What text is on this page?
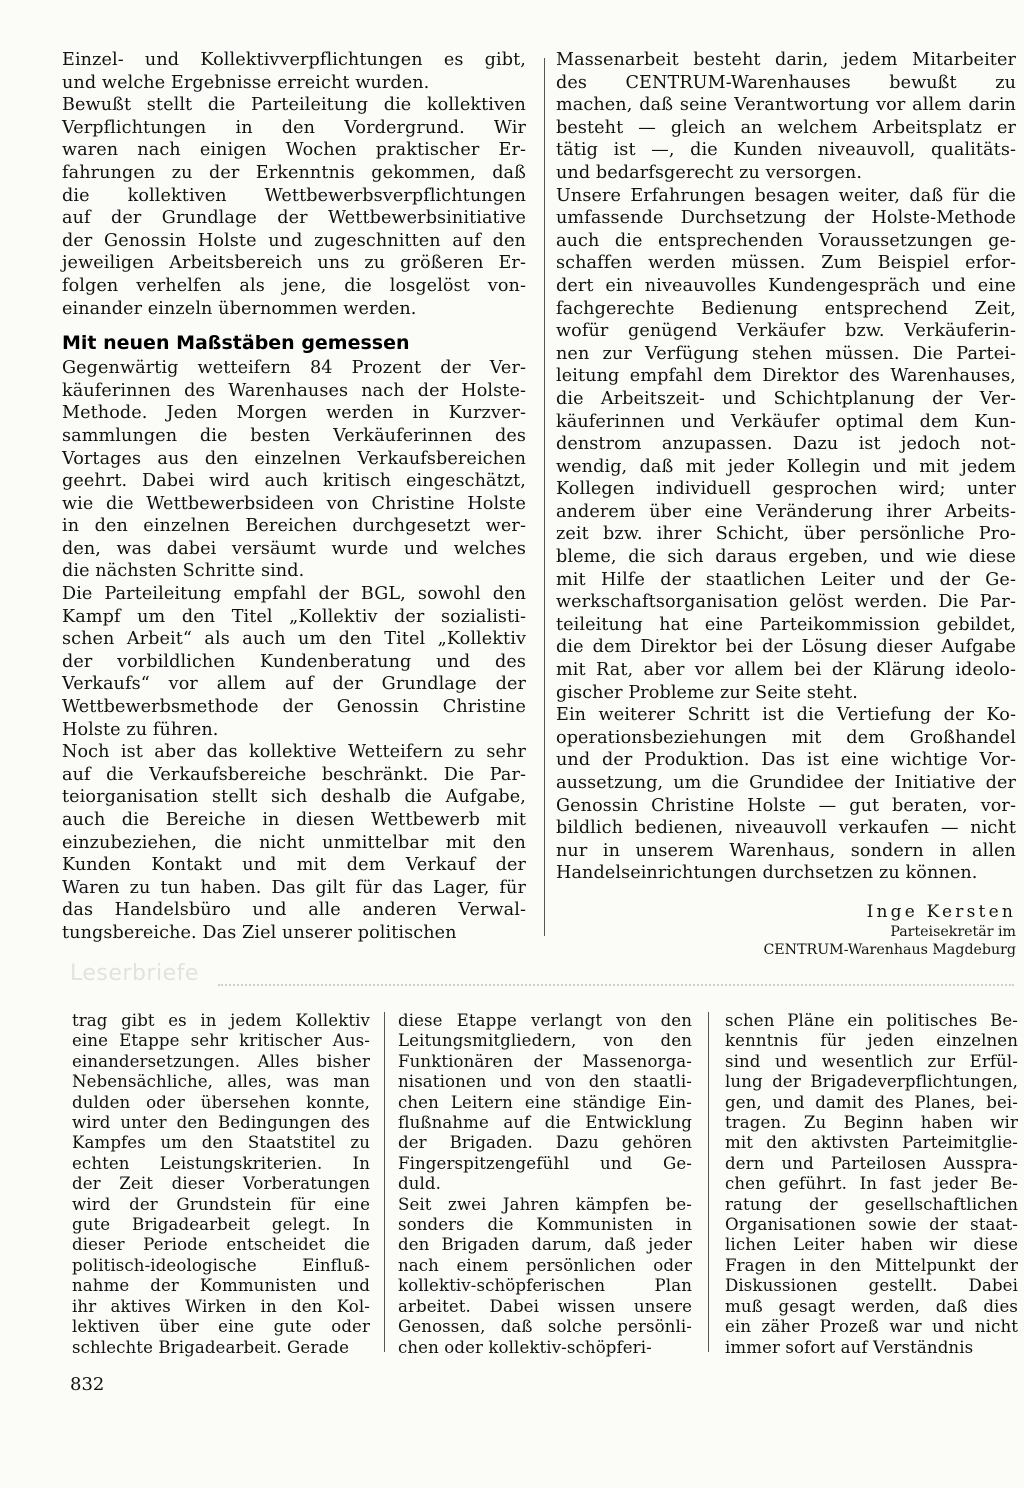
Einzel- und Kollektivverpflichtungen es gibt,
und welche Ergebnisse erreicht wurden.
Bewußt stellt die Parteileitung die kollektiven
Verpflichtungen in den Vordergrund. Wir
waren nach einigen Wochen praktischer Er-
fahrungen zu der Erkenntnis gekommen, daß
die kollektiven Wettbewerbsverpflichtungen
auf der Grundlage der Wettbewerbsinitiative
der Genossin Holste und zugeschnitten auf den
jeweiligen Arbeitsbereich uns zu größeren Er-
folgen verhelfen als jene, die losgelöst von-
einander einzeln übernommen werden.
Mit neuen Maßstäben gemessen
Gegenwärtig wetteifern 84 Prozent der Ver-
käuferinnen des Warenhauses nach der Holste-
Methode. Jeden Morgen werden in Kurzver-
sammlungen die besten Verkäuferinnen des
Vortages aus den einzelnen Verkaufsbereichen
geehrt. Dabei wird auch kritisch eingeschätzt,
wie die Wettbewerbsideen von Christine Holste
in den einzelnen Bereichen durchgesetzt wer-
den, was dabei versäumt wurde und welches
die nächsten Schritte sind.
Die Parteileitung empfahl der BGL, sowohl den
Kampf um den Titel „Kollektiv der sozialisti-
schen Arbeit“ als auch um den Titel „Kollektiv
der vorbildlichen Kundenberatung und des
Verkaufs“ vor allem auf der Grundlage der
Wettbewerbsmethode der Genossin Christine
Holste zu führen.
Noch ist aber das kollektive Wetteifern zu sehr
auf die Verkaufsbereiche beschränkt. Die Par-
teiorganisation stellt sich deshalb die Aufgabe,
auch die Bereiche in diesen Wettbewerb mit
einzubeziehen, die nicht unmittelbar mit den
Kunden Kontakt und mit dem Verkauf der
Waren zu tun haben. Das gilt für das Lager, für
das Handelsbüro und alle anderen Verwal-
tungsbereiche. Das Ziel unserer politischen
Massenarbeit besteht darin, jedem Mitarbeiter
des CENTRUM-Warenhauses bewußt zu
machen, daß seine Verantwortung vor allem darin
besteht — gleich an welchem Arbeitsplatz er
tätig ist —, die Kunden niveauvoll, qualitäts-
und bedarfsgerecht zu versorgen.
Unsere Erfahrungen besagen weiter, daß für die
umfassende Durchsetzung der Holste-Methode
auch die entsprechenden Voraussetzungen ge-
schaffen werden müssen. Zum Beispiel erfor-
dert ein niveauvolles Kundengespräch und eine
fachgerechte Bedienung entsprechend Zeit,
wofür genügend Verkäufer bzw. Verkäuferin-
nen zur Verfügung stehen müssen. Die Partei-
leitung empfahl dem Direktor des Warenhauses,
die Arbeitszeit- und Schichtplanung der Ver-
käuferinnen und Verkäufer optimal dem Kun-
denstrom anzupassen. Dazu ist jedoch not-
wendig, daß mit jeder Kollegin und mit jedem
Kollegen individuell gesprochen wird; unter
anderem über eine Veränderung ihrer Arbeits-
zeit bzw. ihrer Schicht, über persönliche Pro-
bleme, die sich daraus ergeben, und wie diese
mit Hilfe der staatlichen Leiter und der Ge-
werkschaftsorganisation gelöst werden. Die Par-
teileitung hat eine Parteikommission gebildet,
die dem Direktor bei der Lösung dieser Aufgabe
mit Rat, aber vor allem bei der Klärung ideolo-
gischer Probleme zur Seite steht.
Ein weiterer Schritt ist die Vertiefung der Ko-
operationsbeziehungen mit dem Großhandel
und der Produktion. Das ist eine wichtige Vor-
aussetzung, um die Grundidee der Initiative der
Genossin Christine Holste — gut beraten, vor-
bildlich bedienen, niveauvoll verkaufen — nicht
nur in unserem Warenhaus, sondern in allen
Handelseinrichtungen durchsetzen zu können.
Inge Kersten
Parteisekretär im
CENTRUM-Warenhaus Magdeburg
Leserbriefe
trag gibt es in jedem Kollektiv
eine Etappe sehr kritischer Aus-
einandersetzungen. Alles bisher
Nebensächliche, alles, was man
dulden oder übersehen konnte,
wird unter den Bedingungen des
Kampfes um den Staatstitel zu
echten Leistungskriterien. In
der Zeit dieser Vorberatungen
wird der Grundstein für eine
gute Brigadearbeit gelegt. In
dieser Periode entscheidet die
politisch-ideologische Einfluß-
nahme der Kommunisten und
ihr aktives Wirken in den Kol-
lektiven über eine gute oder
schlechte Brigadearbeit. Gerade
diese Etappe verlangt von den
Leitungsmitgliedern, von den
Funktionären der Massenorga-
nisationen und von den staatli-
chen Leitern eine ständige Ein-
flußnahme auf die Entwicklung
der Brigaden. Dazu gehören
Fingerspitzengefühl und Ge-
duld.
Seit zwei Jahren kämpfen be-
sonders die Kommunisten in
den Brigaden darum, daß jeder
nach einem persönlichen oder
kollektiv-schöpferischen Plan
arbeitet. Dabei wissen unsere
Genossen, daß solche persönli-
chen oder kollektiv-schöpferi-
schen Pläne ein politisches Be-
kenntnis für jeden einzelnen
sind und wesentlich zur Erfül-
lung der Brigadeverpflichtungen,
gen, und damit des Planes, bei-
tragen. Zu Beginn haben wir
mit den aktivsten Parteimitglie-
dern und Parteilosen Ausspra-
chen geführt. In fast jeder Be-
ratung der gesellschaftlichen
Organisationen sowie der staat-
lichen Leiter haben wir diese
Fragen in den Mittelpunkt der
Diskussionen gestellt. Dabei
muß gesagt werden, daß dies
ein zäher Prozeß war und nicht
immer sofort auf Verständnis
832
